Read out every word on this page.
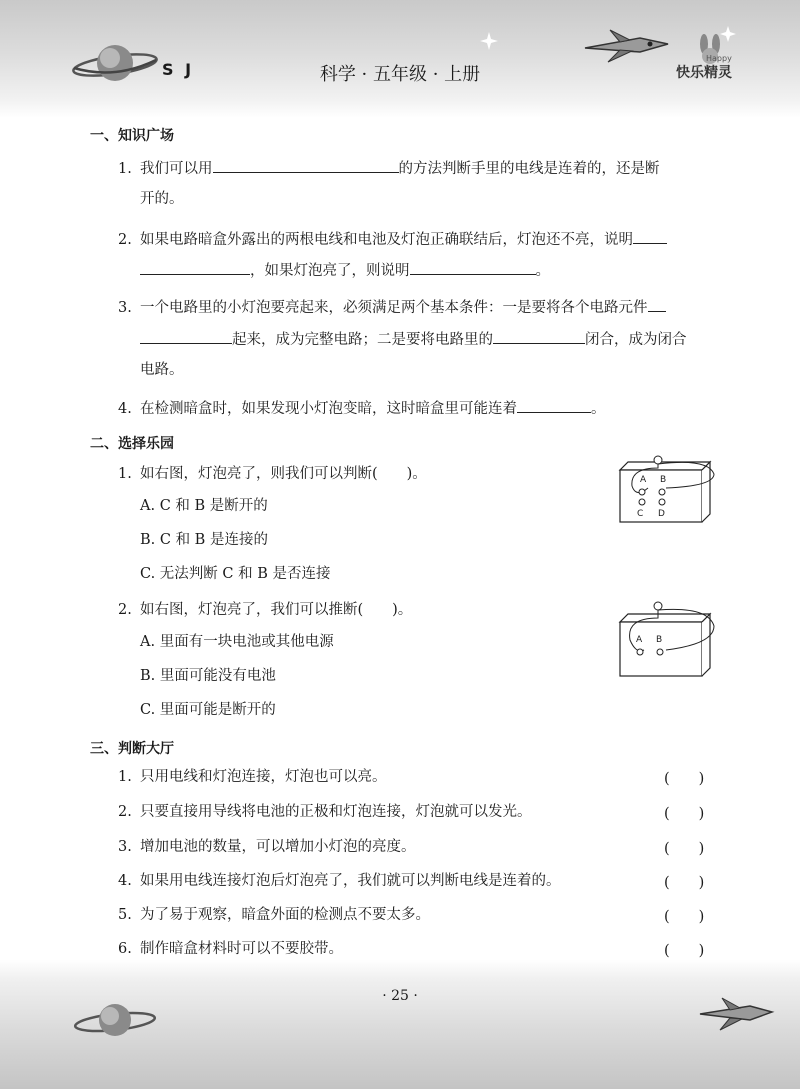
S J	科学 · 五年级 · 上册	快乐精灵
Happy
一、知识广场
1. 我们可以用	的方法判断手里的电线是连着的，还是断
开的。
2. 如果电路暗盒外露出的两根电线和电池及灯泡正确联结后，灯泡还不亮，说明
，如果灯泡亮了，则说明	。
3. 一个电路里的小灯泡要亮起来，必须满足两个基本条件：一是要将各个电路元件
起来，成为完整电路；二是要将电路里的	闭合，成为闭合
电路。
4. 在检测暗盒时，如果发现小灯泡变暗，这时暗盒里可能连着	。
二、选择乐园
1. 如右图，灯泡亮了，则我们可以判断(　　)。
A. C 和 B 是断开的
B. C 和 B 是连接的
C. 无法判断 C 和 B 是否连接
A B
C D
2. 如右图，灯泡亮了，我们可以推断(　　)。
A. 里面有一块电池或其他电源
B. 里面可能没有电池
C. 里面可能是断开的
A B
三、判断大厅
1. 只用电线和灯泡连接，灯泡也可以亮。	(　　)
2. 只要直接用导线将电池的正极和灯泡连接，灯泡就可以发光。	(　　)
3. 增加电池的数量，可以增加小灯泡的亮度。	(　　)
4. 如果用电线连接灯泡后灯泡亮了，我们就可以判断电线是连着的。	(　　)
5. 为了易于观察，暗盒外面的检测点不要太多。	(　　)
6. 制作暗盒材料时可以不要胶带。	(　　)
· 25 ·
